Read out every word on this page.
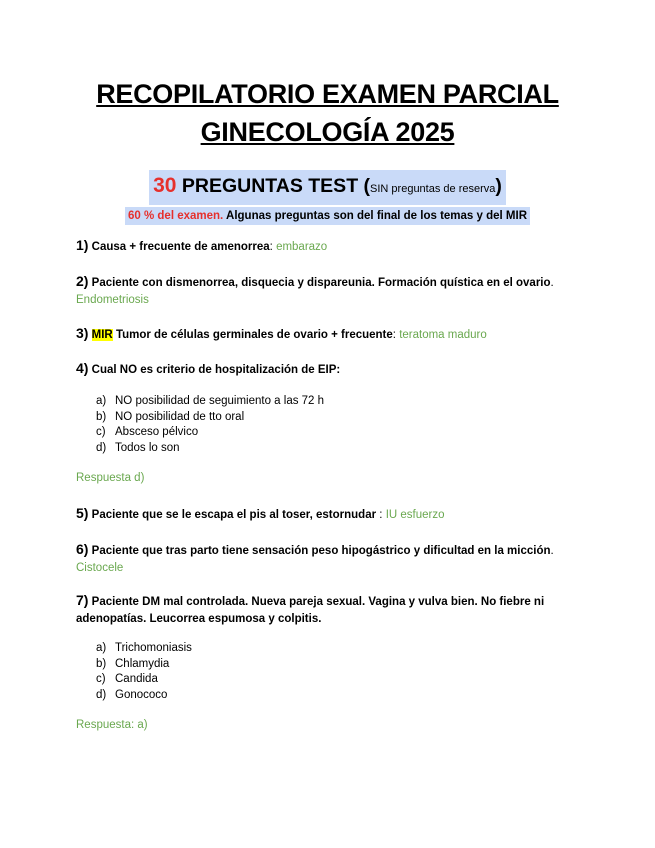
RECOPILATORIO EXAMEN PARCIAL
GINECOLOGÍA 2025
30 PREGUNTAS TEST (SIN preguntas de reserva)
60 % del examen. Algunas preguntas son del final de los temas y del MIR
1) Causa + frecuente de amenorrea: embarazo
2) Paciente con dismenorrea, disquecia y dispareunia. Formación quística en el ovario.
Endometriosis
3) MIR Tumor de células germinales de ovario + frecuente: teratoma maduro
4) Cual NO es criterio de hospitalización de EIP:
a) NO posibilidad de seguimiento a las 72 h
b) NO posibilidad de tto oral
c) Absceso pélvico
d) Todos lo son
Respuesta d)
5) Paciente que se le escapa el pis al toser, estornudar : IU esfuerzo
6) Paciente que tras parto tiene sensación peso hipogástrico y dificultad en la micción.
Cistocele
7) Paciente DM mal controlada. Nueva pareja sexual. Vagina y vulva bien. No fiebre ni adenopatías. Leucorrea espumosa y colpitis.
a) Trichomoniasis
b) Chlamydia
c) Candida
d) Gonococo
Respuesta: a)
